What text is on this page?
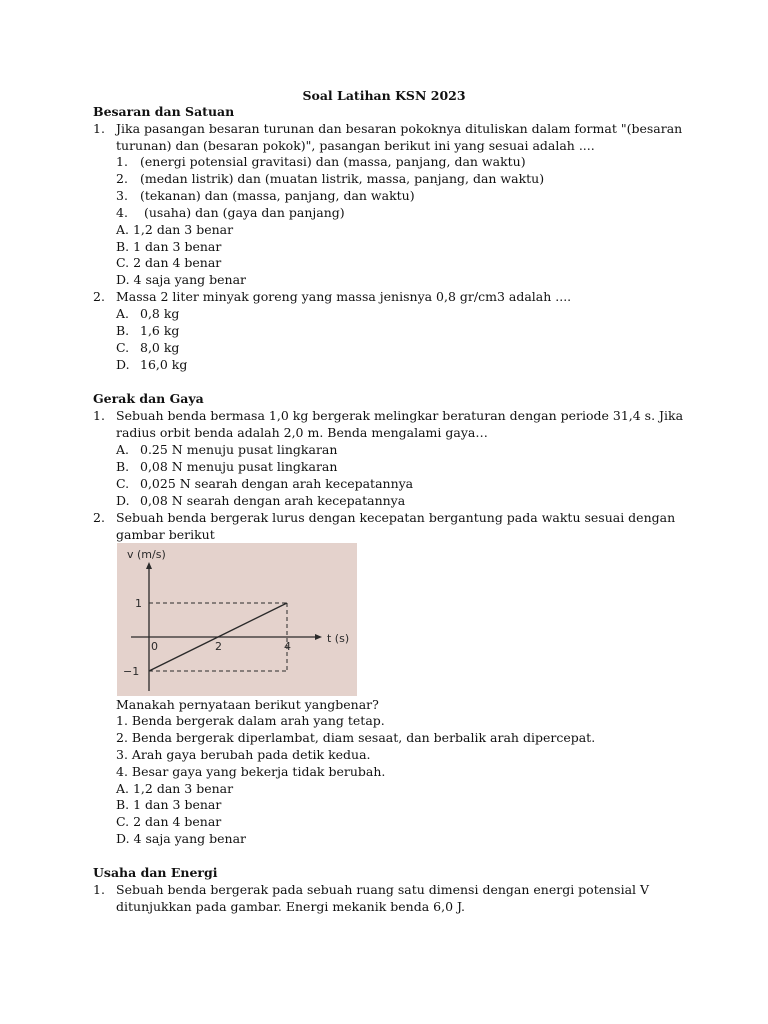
Soal Latihan KSN 2023
Besaran dan Satuan
1. Jika pasangan besaran turunan dan besaran pokoknya dituliskan dalam format "(besaran
turunan) dan (besaran pokok)", pasangan berikut ini yang sesuai adalah ....
1. (energi potensial gravitasi) dan (massa, panjang, dan waktu)
2. (medan listrik) dan (muatan listrik, massa, panjang, dan waktu)
3. (tekanan) dan (massa, panjang, dan waktu)
4. (usaha) dan (gaya dan panjang)
A. 1,2 dan 3 benar
B. 1 dan 3 benar
C. 2 dan 4 benar
D. 4 saja yang benar
2. Massa 2 liter minyak goreng yang massa jenisnya 0,8 gr/cm3 adalah ....
A. 0,8 kg
B. 1,6 kg
C. 8,0 kg
D. 16,0 kg
Gerak dan Gaya
1. Sebuah benda bermasa 1,0 kg bergerak melingkar beraturan dengan periode 31,4 s. Jika
radius orbit benda adalah 2,0 m. Benda mengalami gaya…
A. 0.25 N menuju pusat lingkaran
B. 0,08 N menuju pusat lingkaran
C. 0,025 N searah dengan arah kecepatannya
D. 0,08 N searah dengan arah kecepatannya
2. Sebuah benda bergerak lurus dengan kecepatan bergantung pada waktu sesuai dengan
gambar berikut
v (m/s)
t (s)
0	2	4
1
−1
Manakah pernyataan berikut yangbenar?
1. Benda bergerak dalam arah yang tetap.
2. Benda bergerak diperlambat, diam sesaat, dan berbalik arah dipercepat.
3. Arah gaya berubah pada detik kedua.
4. Besar gaya yang bekerja tidak berubah.
A. 1,2 dan 3 benar
B. 1 dan 3 benar
C. 2 dan 4 benar
D. 4 saja yang benar
Usaha dan Energi
1. Sebuah benda bergerak pada sebuah ruang satu dimensi dengan energi potensial V
ditunjukkan pada gambar. Energi mekanik benda 6,0 J.
